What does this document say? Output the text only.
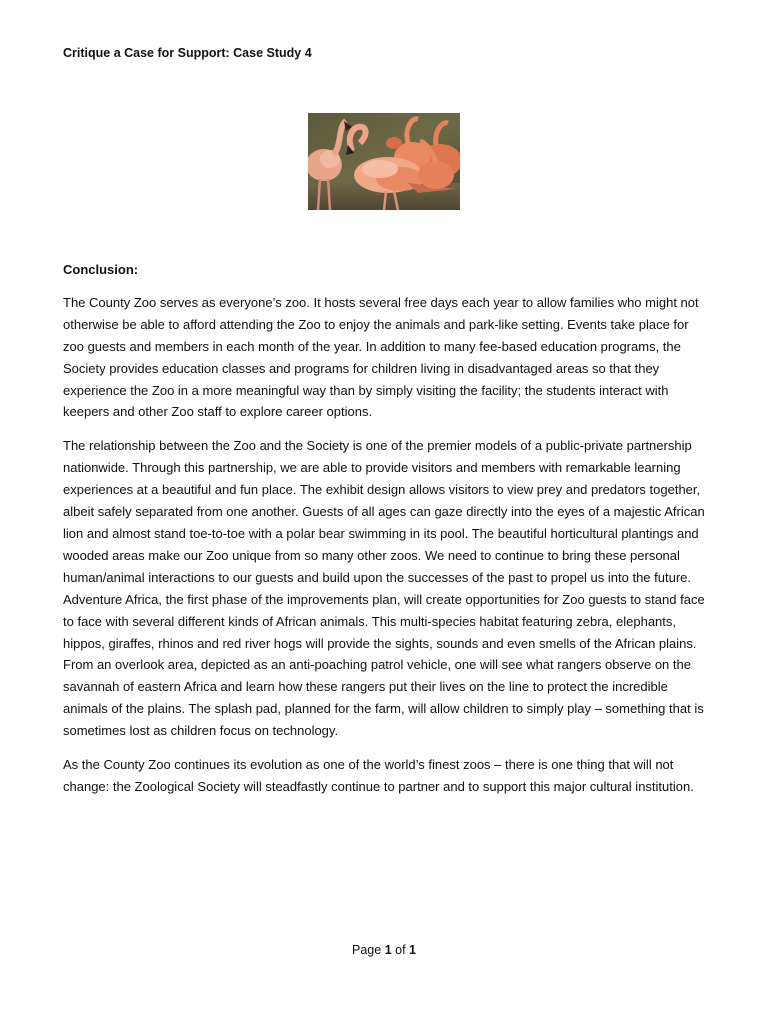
Critique a Case for Support: Case Study 4
Conclusion:

The County Zoo serves as everyone’s zoo. It hosts several free days each year to allow families who might not otherwise be able to afford attending the Zoo to enjoy the animals and park-like setting. Events take place for zoo guests and members in each month of the year. In addition to many fee-based education programs, the Society provides education classes and programs for children living in disadvantaged areas so that they experience the Zoo in a more meaningful way than by simply visiting the facility; the students interact with keepers and other Zoo staff to explore career options.

The relationship between the Zoo and the Society is one of the premier models of a public-private partnership nationwide. Through this partnership, we are able to provide visitors and members with remarkable learning experiences at a beautiful and fun place. The exhibit design allows visitors to view prey and predators together, albeit safely separated from one another. Guests of all ages can gaze directly into the eyes of a majestic African lion and almost stand toe-to-toe with a polar bear swimming in its pool. The beautiful horticultural plantings and wooded areas make our Zoo unique from so many other zoos. We need to continue to bring these personal human/animal interactions to our guests and build upon the successes of the past to propel us into the future. Adventure Africa, the first phase of the improvements plan, will create opportunities for Zoo guests to stand face to face with several different kinds of African animals. This multi-species habitat featuring zebra, elephants, hippos, giraffes, rhinos and red river hogs will provide the sights, sounds and even smells of the African plains. From an overlook area, depicted as an anti-poaching patrol vehicle, one will see what rangers observe on the savannah of eastern Africa and learn how these rangers put their lives on the line to protect the incredible animals of the plains. The splash pad, planned for the farm, will allow children to simply play – something that is sometimes lost as children focus on technology.

As the County Zoo continues its evolution as one of the world’s finest zoos – there is one thing that will not change: the Zoological Society will steadfastly continue to partner and to support this major cultural institution.

Page 1 of 1
